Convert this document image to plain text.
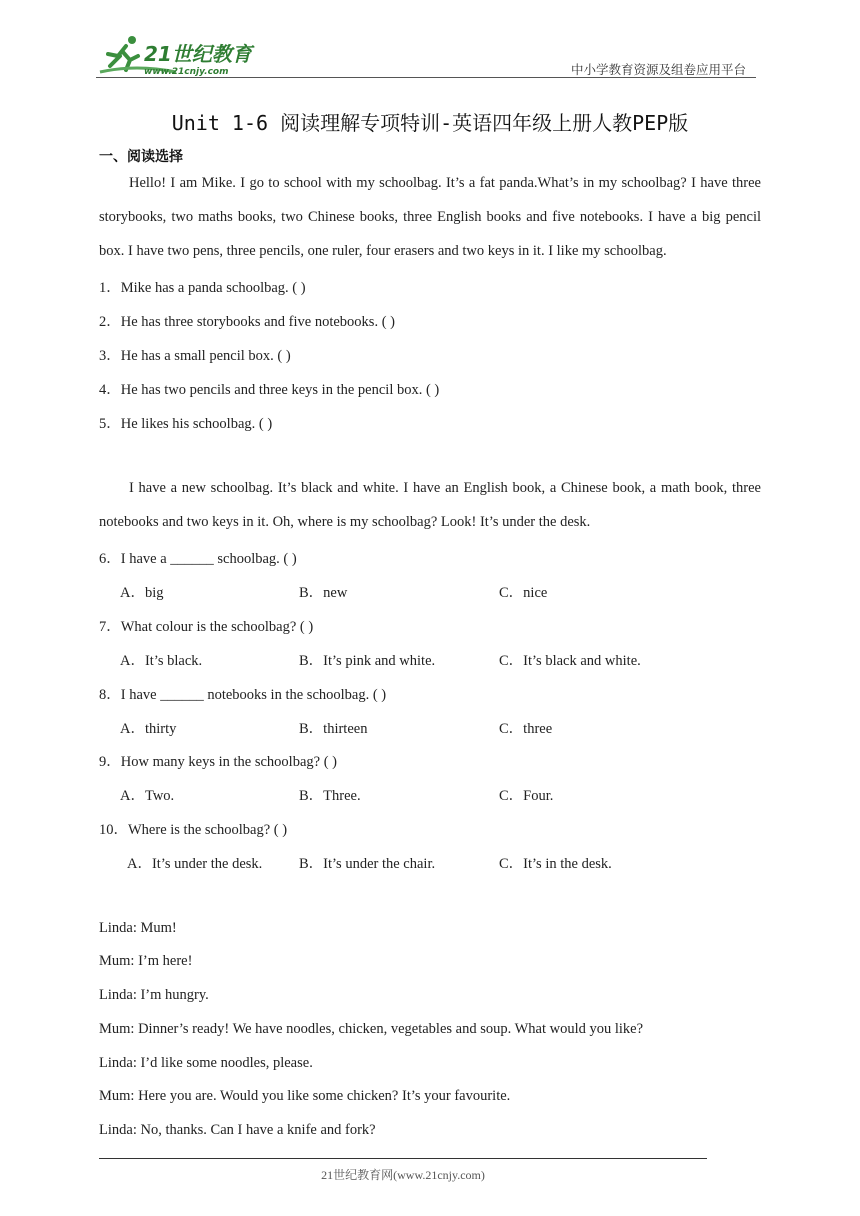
21世纪教育
www.21cnjy.com	中小学教育资源及组卷应用平台
Unit 1-6 阅读理解专项特训-英语四年级上册人教PEP版
一、阅读选择
Hello! I am Mike. I go to school with my schoolbag. It’s a fat panda.What’s in my schoolbag? I have three storybooks, two maths books, two Chinese books, three English books and five notebooks. I have a big pencil box. I have two pens, three pencils, one ruler, four erasers and two keys in it. I like my schoolbag.
1．Mike has a panda schoolbag. ( )
2．He has three storybooks and five notebooks. ( )
3．He has a small pencil box. ( )
4．He has two pencils and three keys in the pencil box. ( )
5．He likes his schoolbag. ( )
I have a new schoolbag. It’s black and white. I have an English book, a Chinese book, a math book, three notebooks and two keys in it. Oh, where is my schoolbag? Look! It’s under the desk.
6．I have a ______ schoolbag. ( )
A．big	B．new	C．nice
7．What colour is the schoolbag? ( )
A．It’s black.	B．It’s pink and white.	C．It’s black and white.
8．I have ______ notebooks in the schoolbag. ( )
A．thirty	B．thirteen	C．three
9．How many keys in the schoolbag? ( )
A．Two.	B．Three.	C．Four.
10．Where is the schoolbag? ( )
A．It’s under the desk.	B．It’s under the chair.	C．It’s in the desk.
Linda: Mum!
Mum: I’m here!
Linda: I’m hungry.
Mum: Dinner’s ready! We have noodles, chicken, vegetables and soup. What would you like?
Linda: I’d like some noodles, please.
Mum: Here you are. Would you like some chicken? It’s your favourite.
Linda: No, thanks. Can I have a knife and fork?
21世纪教育网(www.21cnjy.com)
